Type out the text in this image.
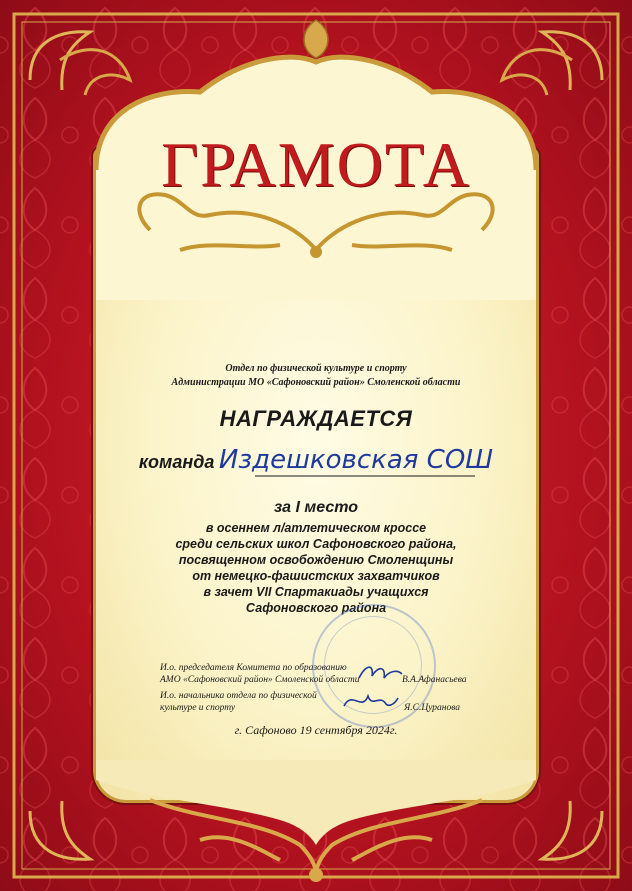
ГРАМОТА
Отдел по физической культуре и спорту
Администрации МО «Сафоновский район» Смоленской области
НАГРАЖДАЕТСЯ
команда Издешковская СОШ
за I место
в осеннем л/атлетическом кроссе
среди сельских школ Сафоновского района,
посвященном освобождению Смоленщины
от немецко-фашистских захватчиков
в зачет VII Спартакиады учащихся
Сафоновского района
И.о. председателя Комитета по образованию
АМО «Сафоновский район» Смоленской области	В.А.Афанасьева
И.о. начальника отдела по физической
культуре и спорту	Я.С.Цуранова
г. Сафоново 19 сентября 2024г.
